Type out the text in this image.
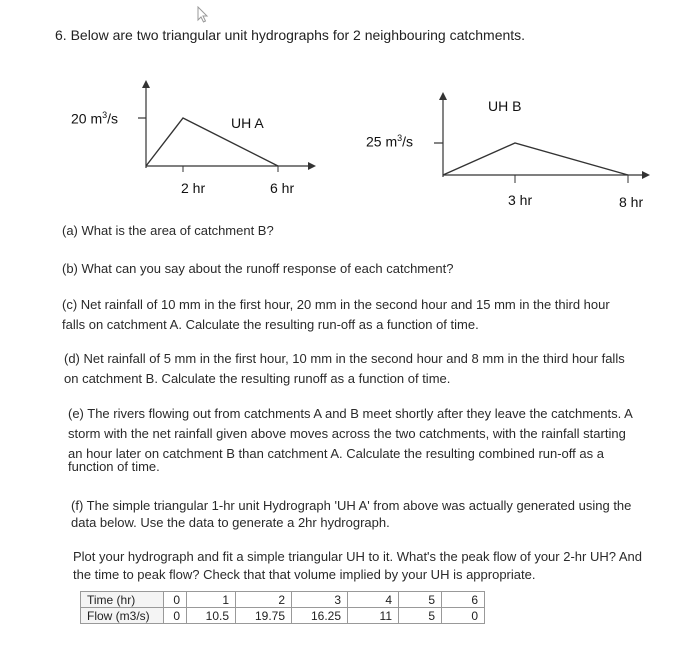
6. Below are two triangular unit hydrographs for 2 neighbouring catchments.
20 $m^3/s$	UH A
2 hr	6 hr
25 $m^3/s$
UH B
3 hr	8 hr
(a) What is the area of catchment B?
(b) What can you say about the runoff response of each catchment?
(c) Net rainfall of 10 mm in the first hour, 20 mm in the second hour and 15 mm in the third hour
falls on catchment A. Calculate the resulting run-off as a function of time.
(d) Net rainfall of 5 mm in the first hour, 10 mm in the second hour and 8 mm in the third hour falls
on catchment B. Calculate the resulting runoff as a function of time.
(e) The rivers flowing out from catchments A and B meet shortly after they leave the catchments. A
storm with the net rainfall given above moves across the two catchments, with the rainfall starting
an hour later on catchment B than catchment A. Calculate the resulting combined run-off as a
function of time.
(f) The simple triangular 1-hr unit Hydrograph 'UH A' from above was actually generated using the
data below. Use the data to generate a 2hr hydrograph.
Plot your hydrograph and fit a simple triangular UH to it. What's the peak flow of your 2-hr UH? And
the time to peak flow? Check that that volume implied by your UH is appropriate.
Time (hr)	0	1	2	3	4	5	6
Flow (m3/s)	0	10.5	19.75	16.25	11	5	0
